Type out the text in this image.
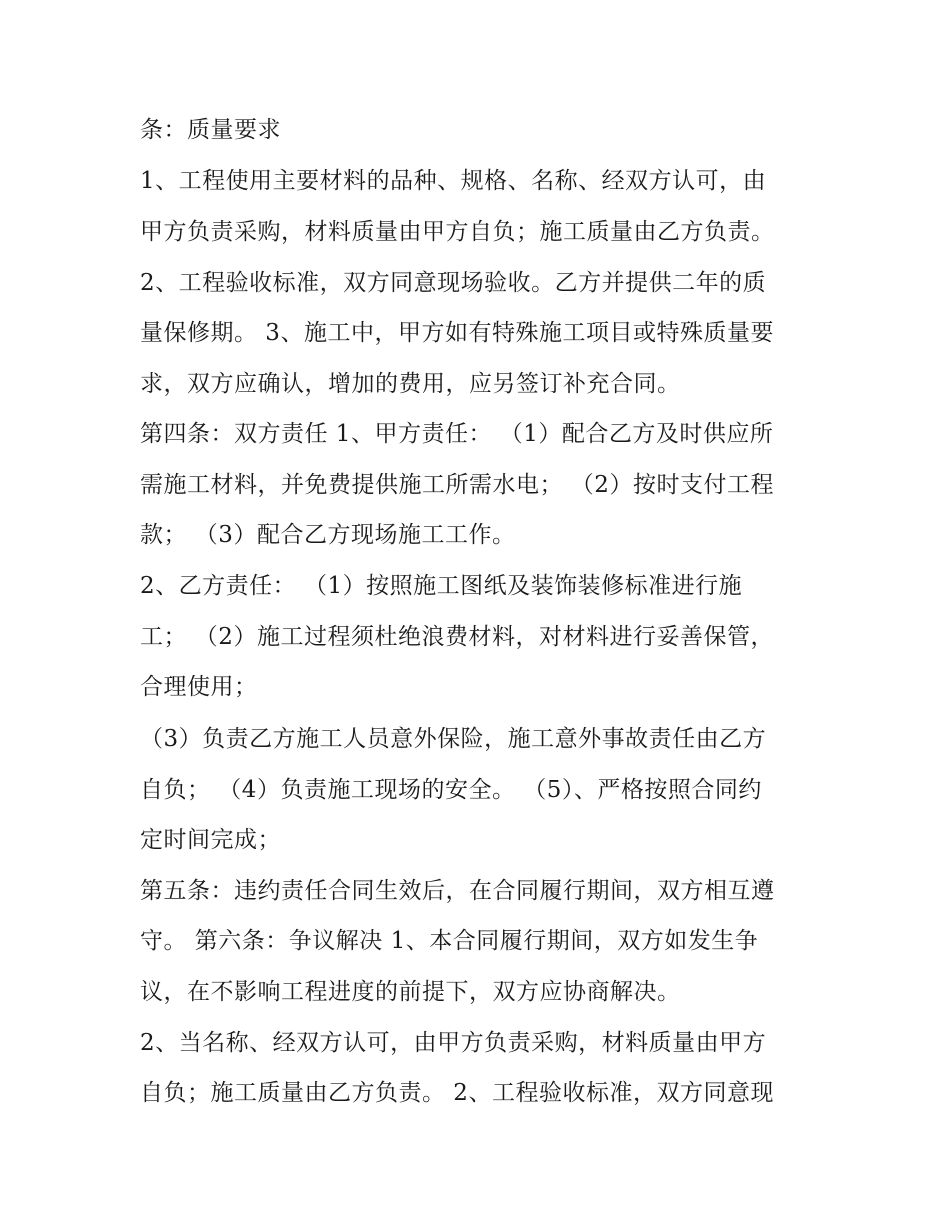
条：质量要求
1、工程使用主要材料的品种、规格、名称、经双方认可，由
甲方负责采购，材料质量由甲方自负；施工质量由乙方负责。
2、工程验收标准，双方同意现场验收。乙方并提供二年的质
量保修期。 3、施工中，甲方如有特殊施工项目或特殊质量要
求，双方应确认，增加的费用，应另签订补充合同。
第四条：双方责任 1、甲方责任： （1）配合乙方及时供应所
需施工材料，并免费提供施工所需水电； （2）按时支付工程
款； （3）配合乙方现场施工工作。
2、乙方责任： （1）按照施工图纸及装饰装修标准进行施
工； （2）施工过程须杜绝浪费材料，对材料进行妥善保管，
合理使用；
（3）负责乙方施工人员意外保险，施工意外事故责任由乙方
自负； （4）负责施工现场的安全。 （5）、严格按照合同约
定时间完成；
第五条：违约责任合同生效后，在合同履行期间，双方相互遵
守。 第六条：争议解决 1、本合同履行期间，双方如发生争
议，在不影响工程进度的前提下，双方应协商解决。
2、当名称、经双方认可，由甲方负责采购，材料质量由甲方
自负；施工质量由乙方负责。 2、工程验收标准，双方同意现
